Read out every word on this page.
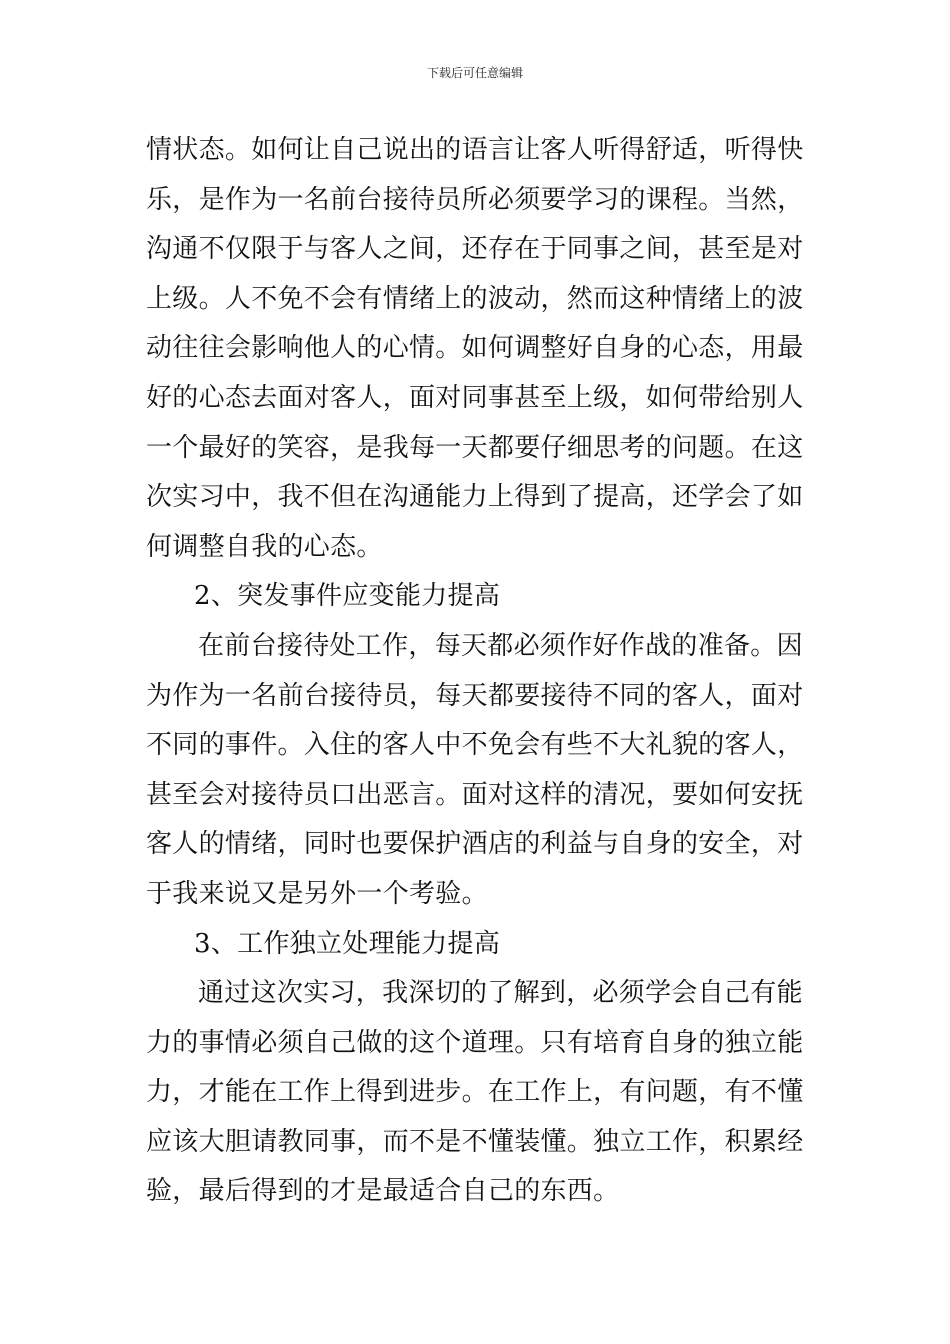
下载后可任意编辑
情状态。如何让自己说出的语言让客人听得舒适，听得快
乐，是作为一名前台接待员所必须要学习的课程。当然，
沟通不仅限于与客人之间，还存在于同事之间，甚至是对
上级。人不免不会有情绪上的波动，然而这种情绪上的波
动往往会影响他人的心情。如何调整好自身的心态，用最
好的心态去面对客人，面对同事甚至上级，如何带给别人
一个最好的笑容，是我每一天都要仔细思考的问题。在这
次实习中，我不但在沟通能力上得到了提高，还学会了如
何调整自我的心态。
2、突发事件应变能力提高
在前台接待处工作，每天都必须作好作战的准备。因
为作为一名前台接待员，每天都要接待不同的客人，面对
不同的事件。入住的客人中不免会有些不大礼貌的客人，
甚至会对接待员口出恶言。面对这样的清况，要如何安抚
客人的情绪，同时也要保护酒店的利益与自身的安全，对
于我来说又是另外一个考验。
3、工作独立处理能力提高
通过这次实习，我深切的了解到，必须学会自己有能
力的事情必须自己做的这个道理。只有培育自身的独立能
力，才能在工作上得到进步。在工作上，有问题，有不懂
应该大胆请教同事，而不是不懂装懂。独立工作，积累经
验，最后得到的才是最适合自己的东西。
